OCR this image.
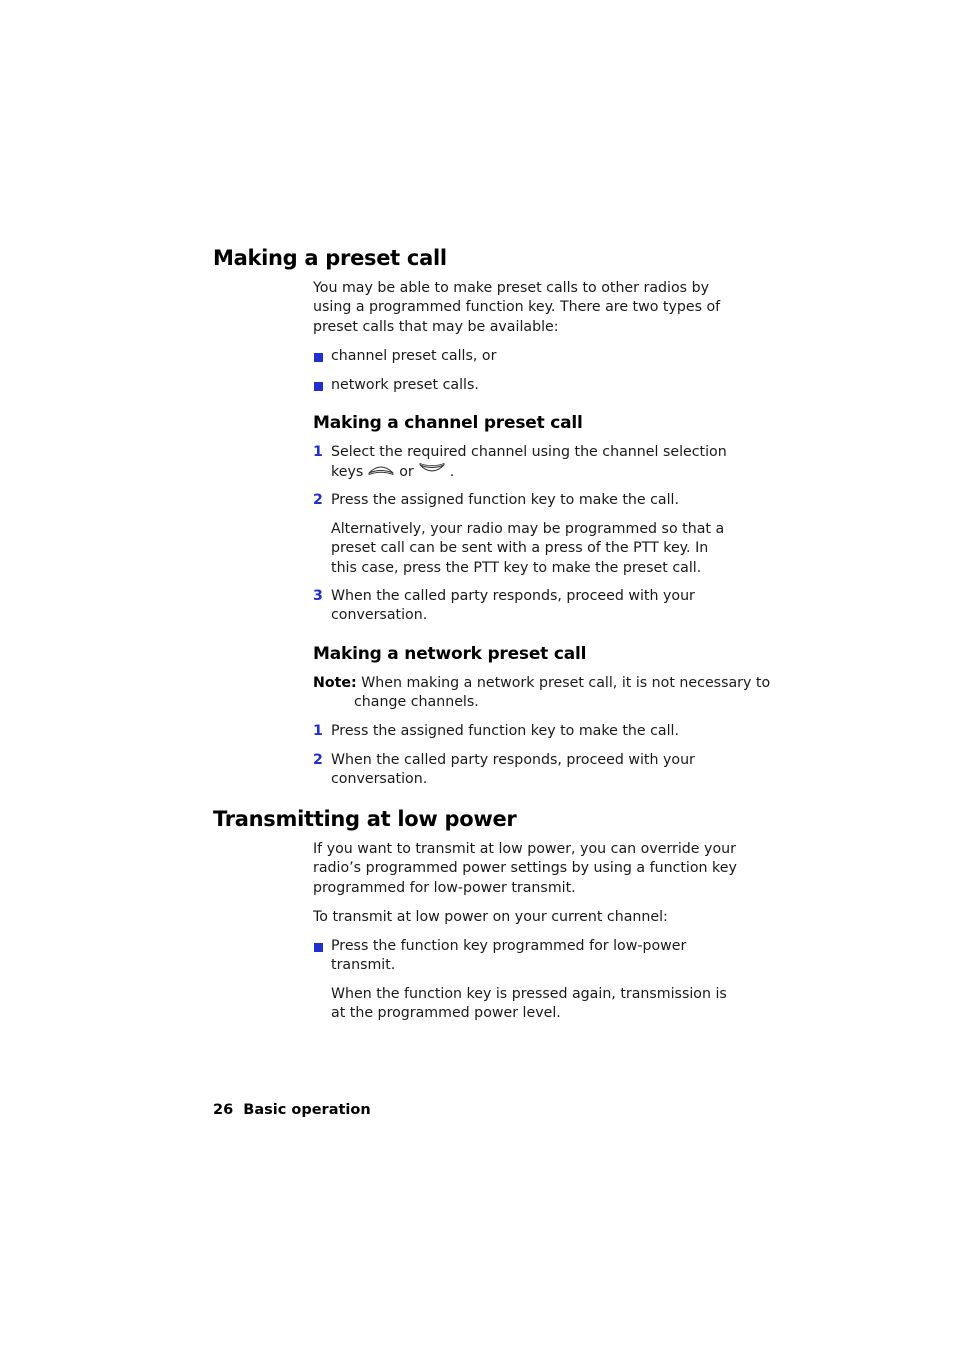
Making a preset call

You may be able to make preset calls to other radios by using a programmed function key. There are two types of preset calls that may be available:

channel preset calls, or

network preset calls.

Making a channel preset call
1 Select the required channel using the channel selection keys	or	.

2 Press the assigned function key to make the call.

Alternatively, your radio may be programmed so that a preset call can be sent with a press of the PTT key. In this case, press the PTT key to make the preset call.

3 When the called party responds, proceed with your conversation.

Making a network preset call

Note: When making a network preset call, it is not necessary to change channels.

1 Press the assigned function key to make the call.

2 When the called party responds, proceed with your conversation.

Transmitting at low power

If you want to transmit at low power, you can override your radio’s programmed power settings by using a function key programmed for low-power transmit.

To transmit at low power on your current channel:

Press the function key programmed for low-power transmit.

When the function key is pressed again, transmission is at the programmed power level.

26 Basic operation
